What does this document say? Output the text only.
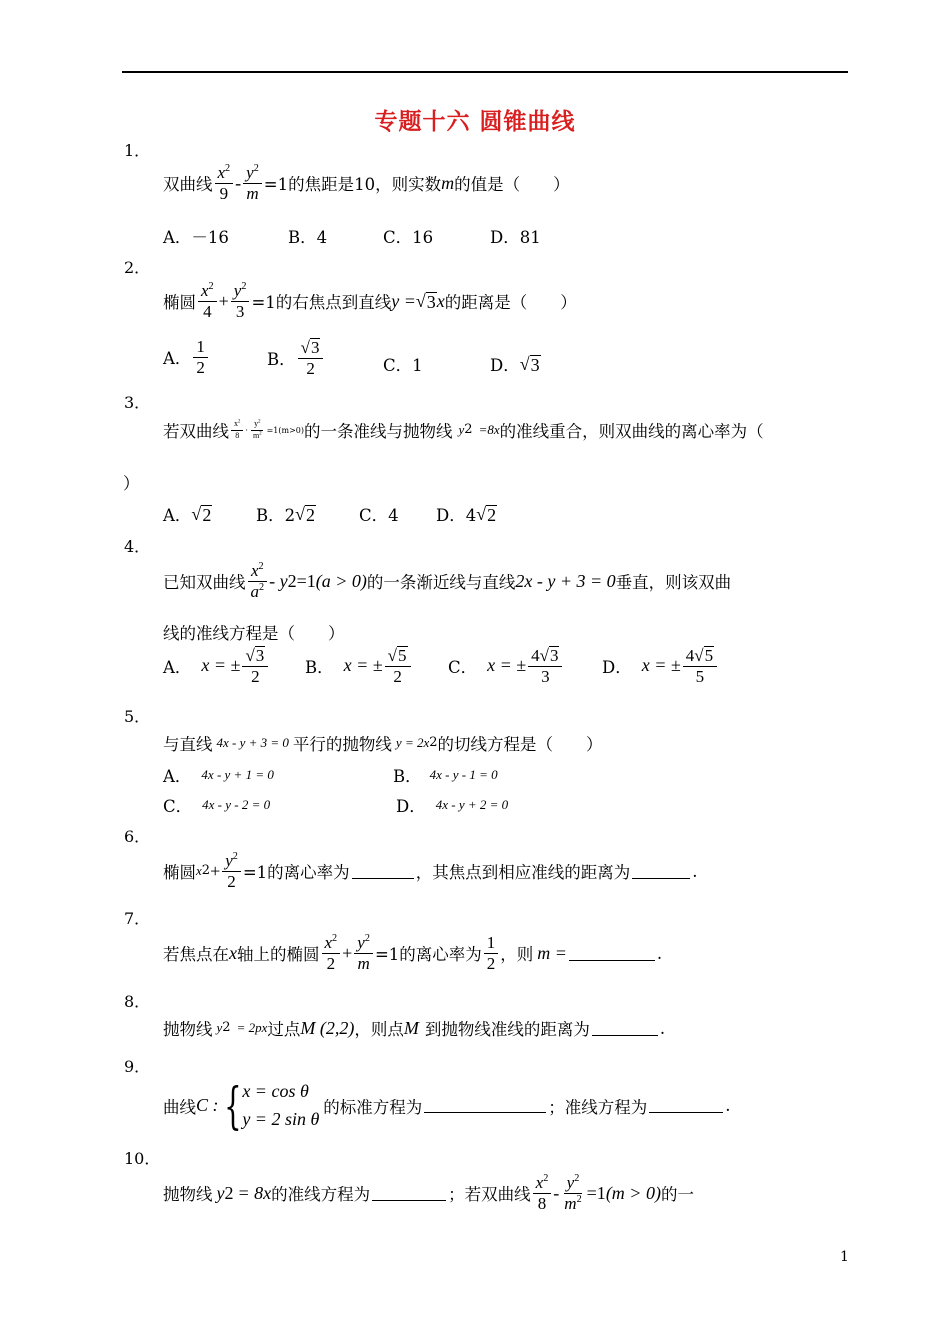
专题十六 圆锥曲线
1．
双曲线 $\frac{x^2}{9} - \frac{y^2}{m} =1$的焦距是10，则实数 m 的值是（　　）
A．－16	B．4	C．16	D．81
2．
椭圆 $\frac{x^2}{4} + \frac{y^2}{3} =1$的右焦点到直线 y = √ 3 x 的距离是（　　）
A． $\frac{1}{2}$	B． $\frac{√ 3}{2}$	C．1	D． √ 3
3．
若双曲线 $\frac{x^2}{8} \cdot \frac{y^2}{m^2} =1(m>0)$ 的一条准线与抛物线 y 2 =8x 的准线重合，则双曲线的离心率为（
）
A． √ 2	B．2 √ 2	C．4 D．4 √ 2
4．
已知双曲线 $\frac{x^2}{a^2}$ - y 2 =1 (a > 0) 的一条渐近线与直线 2x - y + 3 = 0 垂直，则该双曲
线的准线方程是（　　）
A． x = ± $\frac{√ 3}{2}$ B． x = ± $\frac{√ 5}{2}$ C． x = ± $\frac{4√ 3}{3}$ D． x = ± $\frac{4√ 5}{5}$
5．
与直线 4x - y + 3 = 0 平行的抛物线 y = 2x 2 的切线方程是（　　）
A． 4x - y + 1 = 0	B． 4x - y - 1 = 0
C． 4x - y - 2 = 0	D． 4x - y + 2 = 0
6．
椭圆 x $2 + \frac{y^2}{2} =1$的离心率为	，其焦点到相应准线的距离为	.
7．
若焦点在 x 轴上的椭圆 $\frac{x^2}{2} + \frac{y^2}{m} =1$的离心率为 $\frac{1}{2}$ ，则 m =	.
8．
抛物线 y 2 = 2px 过点 M (2,2) ，则点 M 到抛物线准线的距离为	.
9．
曲线 C : { x = cos θ
y = 2 sin θ
的标准方程为	；准线方程为	.
10．
抛物线 y 2 = 8x 的准线方程为	；若双曲线 $\frac{x^2}{8} - \frac{y^2}{m^2} =1$ (m > 0) 的一
1
